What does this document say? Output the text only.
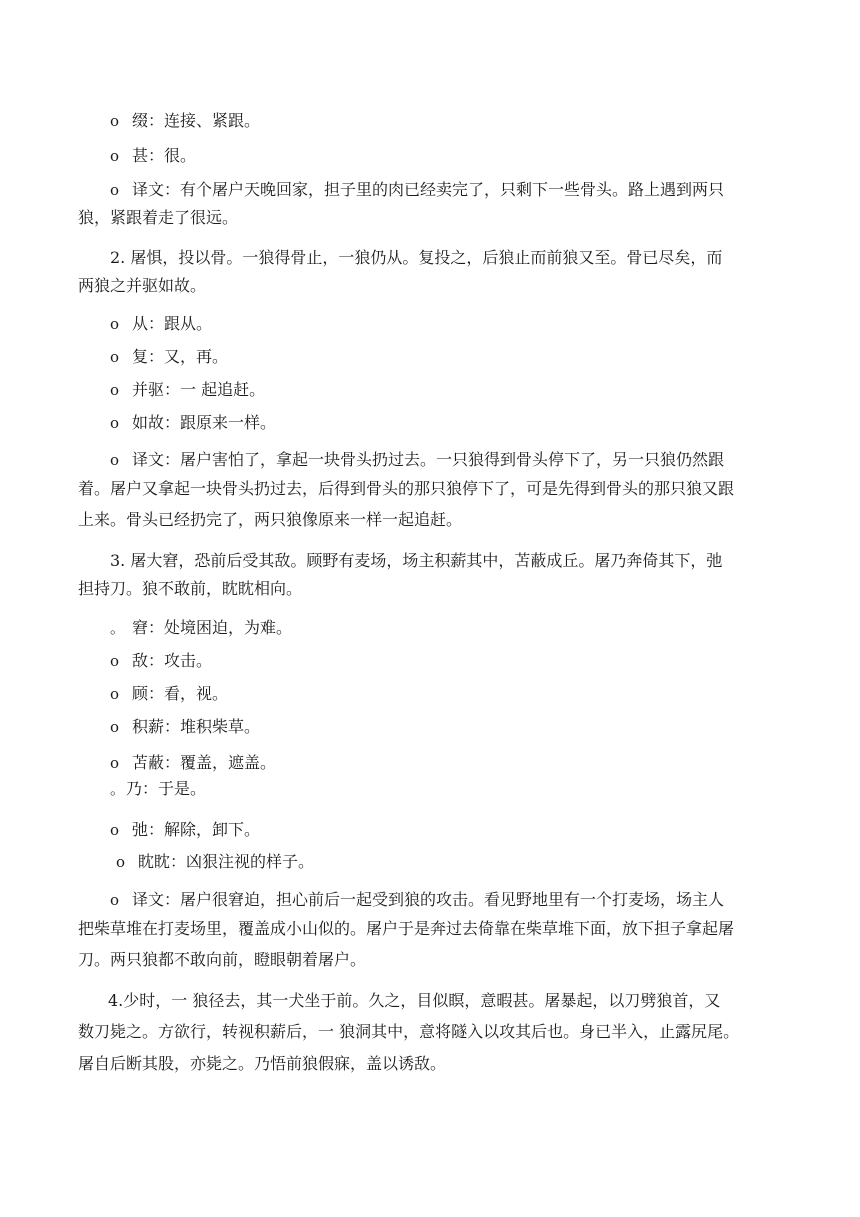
o 缀：连接、紧跟。
o 甚：很。
o 译文：有个屠户天晚回家，担子里的肉已经卖完了，只剩下一些骨头。路上遇到两只
狼，紧跟着走了很远。
2. 屠惧，投以骨。一狼得骨止，一狼仍从。复投之，后狼止而前狼又至。骨已尽矣，而
两狼之并驱如故。
o 从：跟从。
o 复：又，再。
o 并驱：一 起追赶。
o 如故：跟原来一样。
o 译文：屠户害怕了，拿起一块骨头扔过去。一只狼得到骨头停下了，另一只狼仍然跟
着。屠户又拿起一块骨头扔过去，后得到骨头的那只狼停下了，可是先得到骨头的那只狼又跟
上来。骨头已经扔完了，两只狼像原来一样一起追赶。
3. 屠大窘，恐前后受其敌。顾野有麦场，场主积薪其中，苫蔽成丘。屠乃奔倚其下，弛
担持刀。狼不敢前，眈眈相向。
。 窘：处境困迫，为难。
o 敌：攻击。
o 顾：看，视。
o 积薪：堆积柴草。
o 苫蔽：覆盖，遮盖。
。乃：于是。
o 弛：解除，卸下。
o 眈眈：凶狠注视的样子。
o 译文：屠户很窘迫，担心前后一起受到狼的攻击。看见野地里有一个打麦场，场主人
把柴草堆在打麦场里，覆盖成小山似的。屠户于是奔过去倚靠在柴草堆下面，放下担子拿起屠
刀。两只狼都不敢向前，瞪眼朝着屠户。
4.少时，一 狼径去，其一犬坐于前。久之，目似瞑，意暇甚。屠暴起，以刀劈狼首，又
数刀毙之。方欲行，转视积薪后，一 狼洞其中，意将隧入以攻其后也。身已半入，止露尻尾。
屠自后断其股，亦毙之。乃悟前狼假寐，盖以诱敌。
